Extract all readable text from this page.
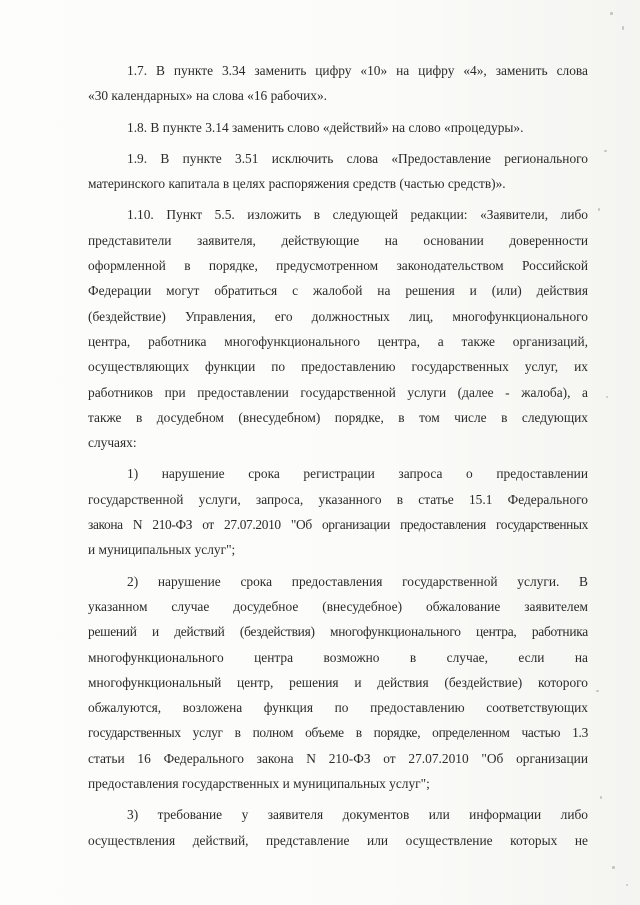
1.7. В пункте 3.34 заменить цифру «10» на цифру «4», заменить слова
«30 календарных» на слова «16 рабочих».
1.8. В пункте 3.14 заменить слово «действий» на слово «процедуры».
1.9. В пункте 3.51 исключить слова «Предоставление регионального
материнского капитала в целях распоряжения средств (частью средств)».
1.10. Пункт 5.5. изложить в следующей редакции: «Заявители, либо
представители заявителя, действующие на основании доверенности
оформленной в порядке, предусмотренном законодательством Российской
Федерации могут обратиться с жалобой на решения и (или) действия
(бездействие) Управления, его должностных лиц, многофункционального
центра, работника многофункционального центра, а также организаций,
осуществляющих функции по предоставлению государственных услуг, их
работников при предоставлении государственной услуги (далее - жалоба), а
также в досудебном (внесудебном) порядке, в том числе в следующих
случаях:
1) нарушение срока регистрации запроса о предоставлении
государственной услуги, запроса, указанного в статье 15.1 Федерального
закона N 210-ФЗ от 27.07.2010 "Об организации предоставления государственных
и муниципальных услуг";
2) нарушение срока предоставления государственной услуги. В
указанном случае досудебное (внесудебное) обжалование заявителем
решений и действий (бездействия) многофункционального центра, работника
многофункционального центра возможно в случае, если на
многофункциональный центр, решения и действия (бездействие) которого
обжалуются, возложена функция по предоставлению соответствующих
государственных услуг в полном объеме в порядке, определенном частью 1.3
статьи 16 Федерального закона N 210-ФЗ от 27.07.2010 "Об организации
предоставления государственных и муниципальных услуг";
3) требование у заявителя документов или информации либо
осуществления действий, представление или осуществление которых не
